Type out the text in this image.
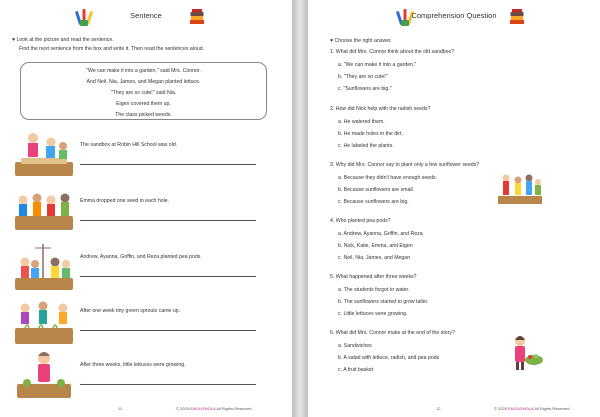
Sentence
♥ Look at the picture and read the sentence.
Find the next sentence from the box and write it. Then read the sentences aloud.
"We can make it into a garden," said Mrs. Connor.
And Neil, Nia, James, and Megan planted lettuce.
"They are so cute!" said Nia.
Eigen covered them up.
The class picked weeds.
The sandbox at Robin Hill School was old.
Emma dropped one seed in each hole.
Andrew, Ayanna, Griffin, and Reza planted pea pods.
After one week tiny green sprouts came up.
After three weeks, little lettuces were growing.
11	© 2025 ENGLISHOLA All Rights Reserved.
Comprehension Question
♥ Choose the right answer.
1. What did Mrs. Connor think about the old sandbox?
a. "We can make it into a garden."
b. "They are so cute!"
c. "Sunflowers are big."
2. How did Nick help with the radish seeds?
a. He watered them.
b. He made holes in the dirt.
c. He labeled the plants.
3. Why did Mrs. Connor say to plant only a few sunflower seeds?
a. Because they didn't have enough seeds.
b. Because sunflowers are small.
c. Because sunflowers are big.
4. Who planted pea pods?
a. Andrew, Ayanna, Griffin, and Reza
b. Nick, Katie, Emma, and Eigen
c. Neil, Nia, James, and Megan
5. What happened after three weeks?
a. The students forgot to water.
b. The sunflowers started to grow taller.
c. Little lettuces were growing.
6. What did Mrs. Connor make at the end of the story?
a. Sandwiches
b. A salad with lettuce, radish, and pea pods
c. A fruit basket
12	© 2025 ENGLISHOLA All Rights Reserved.
